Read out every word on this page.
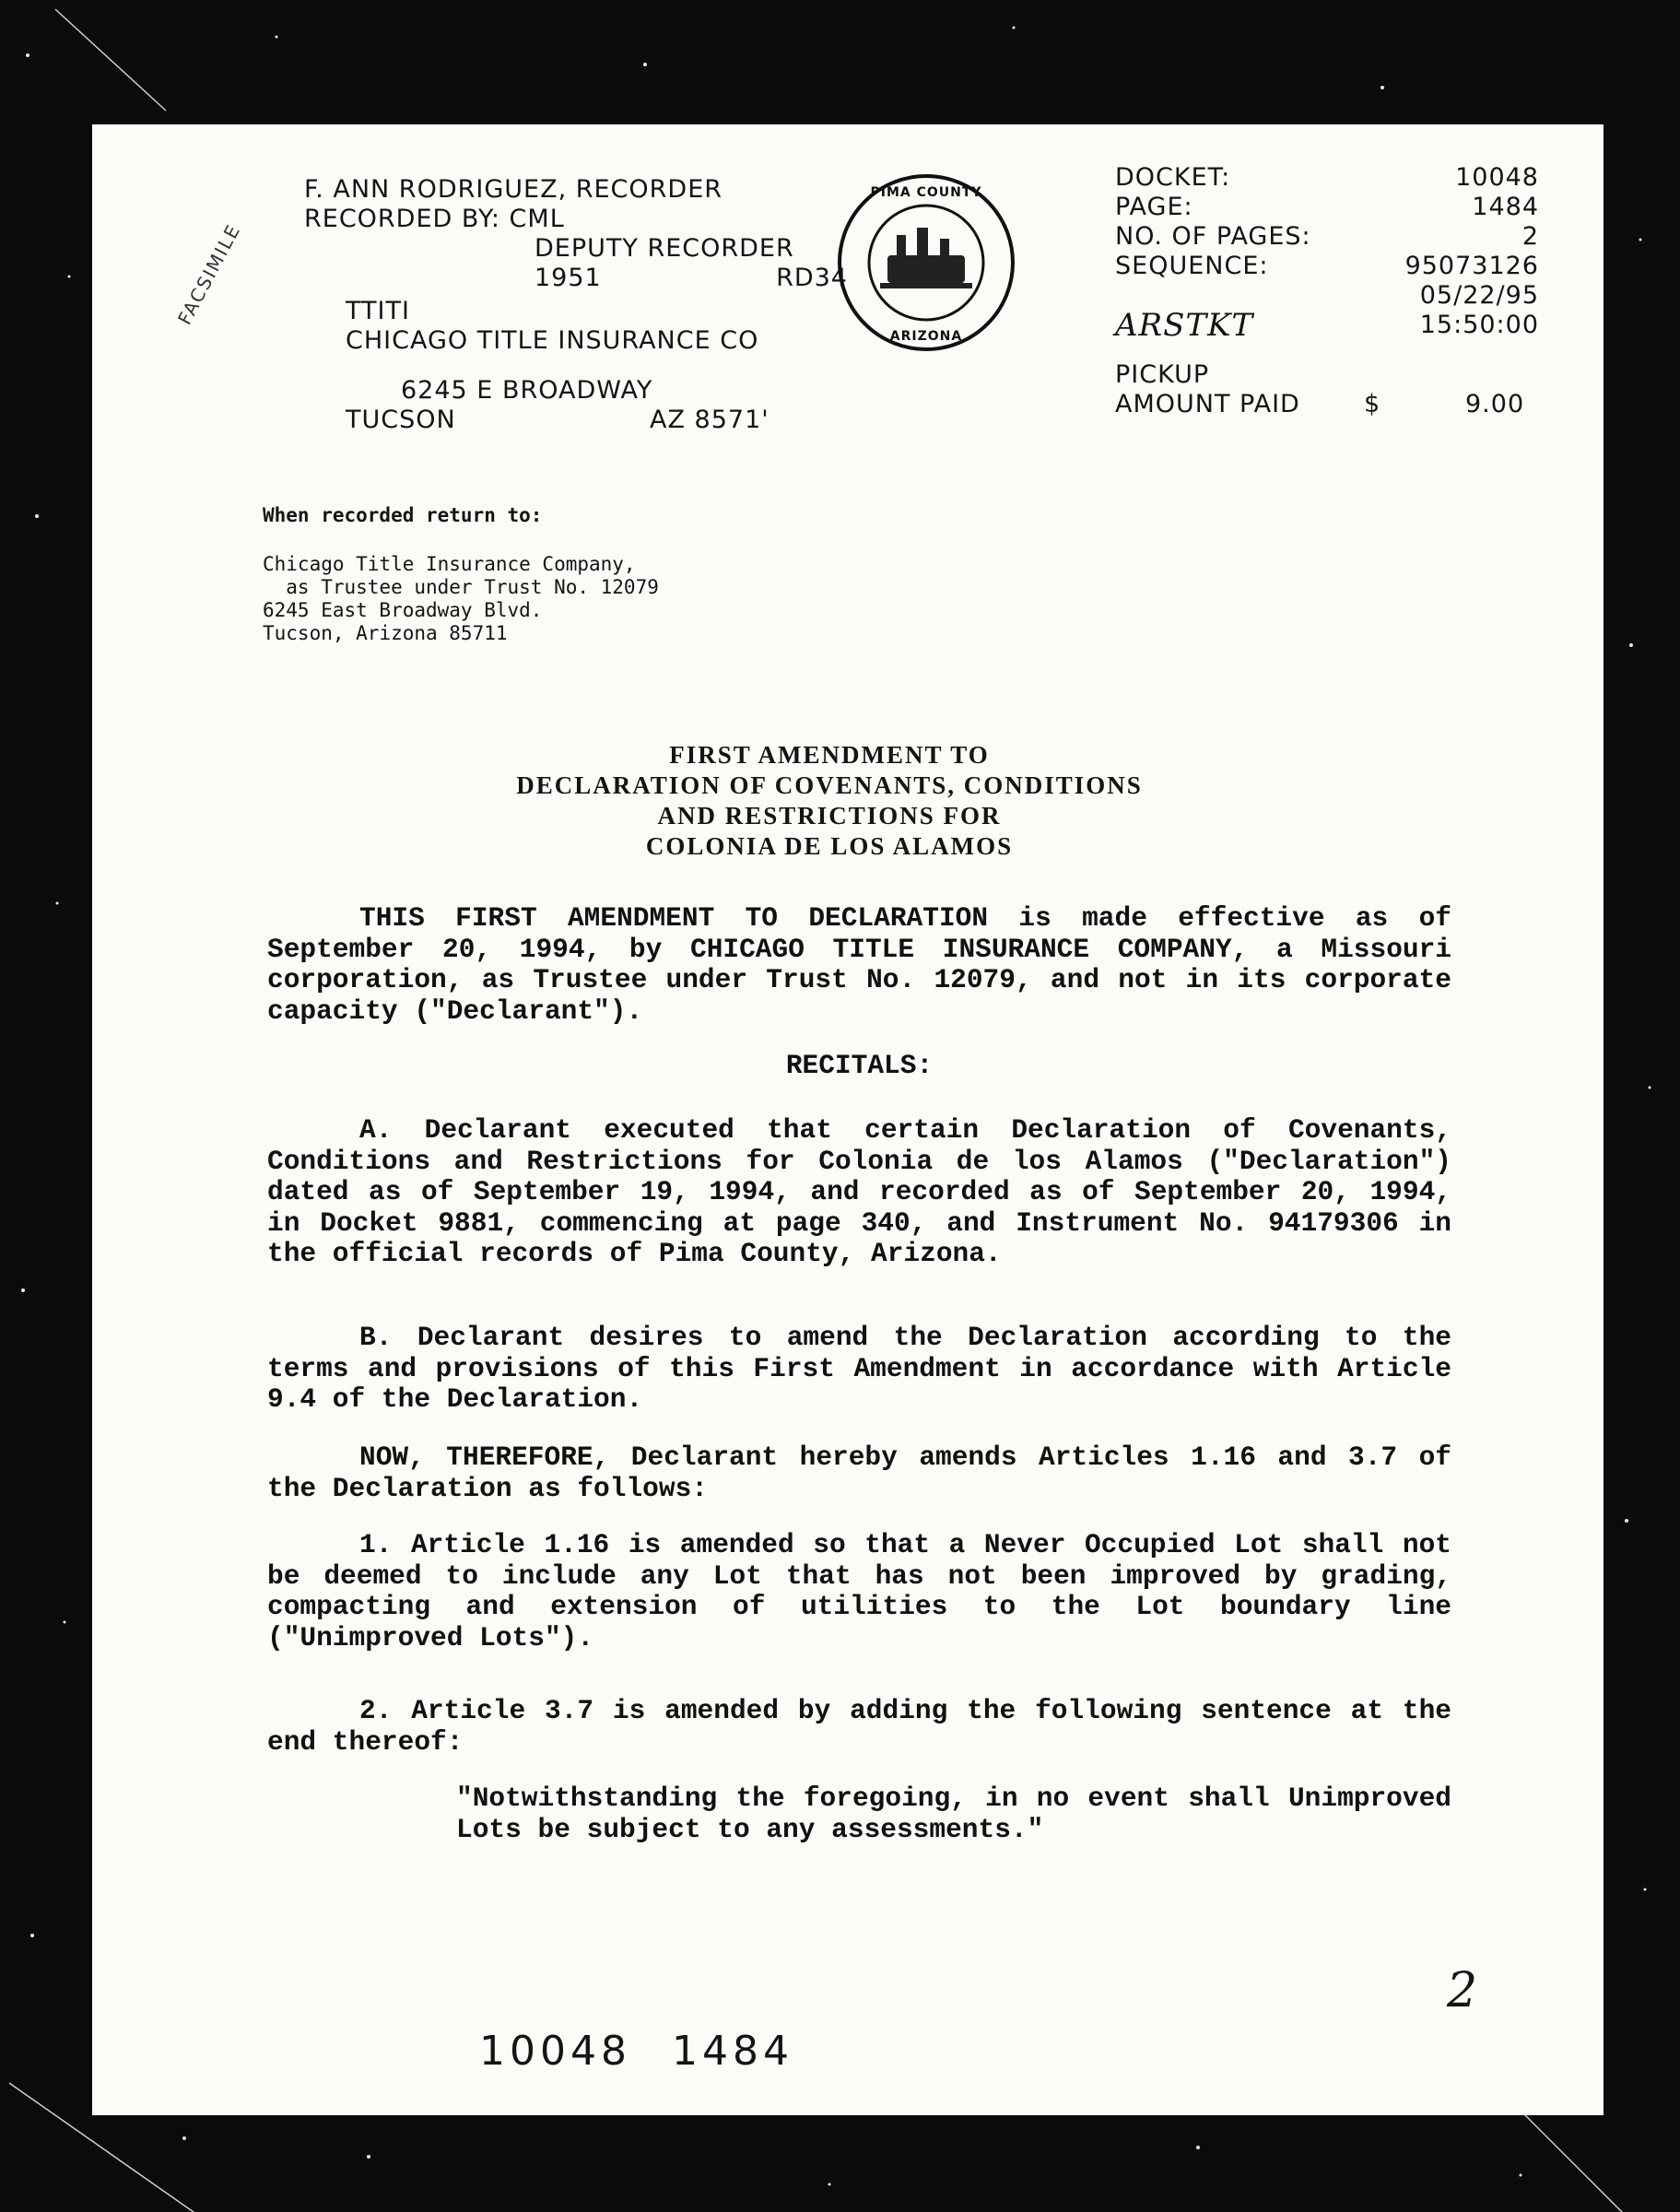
F. ANN RODRIGUEZ, RECORDER
RECORDED BY: CML
DEPUTY RECORDER
1951	RD34
TTITI
CHICAGO TITLE INSURANCE CO
6245 E BROADWAY
TUCSON	AZ 8571'
FACSIMILE
PIMA COUNTY
ARIZONA
DOCKET:	10048
PAGE:	1484
NO. OF PAGES:	2
SEQUENCE:	95073126
05/22/95
ARSTKT	15:50:00
PICKUP
AMOUNT PAID	$	9.00
When recorded return to:
Chicago Title Insurance Company,
as Trustee under Trust No. 12079
6245 East Broadway Blvd.
Tucson, Arizona 85711
FIRST AMENDMENT TO
DECLARATION OF COVENANTS, CONDITIONS
AND RESTRICTIONS FOR
COLONIA DE LOS ALAMOS
THIS FIRST AMENDMENT TO DECLARATION is made effective as of September 20, 1994, by CHICAGO TITLE INSURANCE COMPANY, a Missouri corporation, as Trustee under Trust No. 12079, and not in its corporate capacity ("Declarant").
RECITALS:
A. Declarant executed that certain Declaration of Covenants, Conditions and Restrictions for Colonia de los Alamos ("Declaration") dated as of September 19, 1994, and recorded as of September 20, 1994, in Docket 9881, commencing at page 340, and Instrument No. 94179306 in the official records of Pima County, Arizona.
B. Declarant desires to amend the Declaration according to the terms and provisions of this First Amendment in accordance with Article 9.4 of the Declaration.
NOW, THEREFORE, Declarant hereby amends Articles 1.16 and 3.7 of the Declaration as follows:
1. Article 1.16 is amended so that a Never Occupied Lot shall not be deemed to include any Lot that has not been improved by grading, compacting and extension of utilities to the Lot boundary line ("Unimproved Lots").
2. Article 3.7 is amended by adding the following sentence at the end thereof:
"Notwithstanding the foregoing, in no event shall Unimproved Lots be subject to any assessments."
10048 1484
2
